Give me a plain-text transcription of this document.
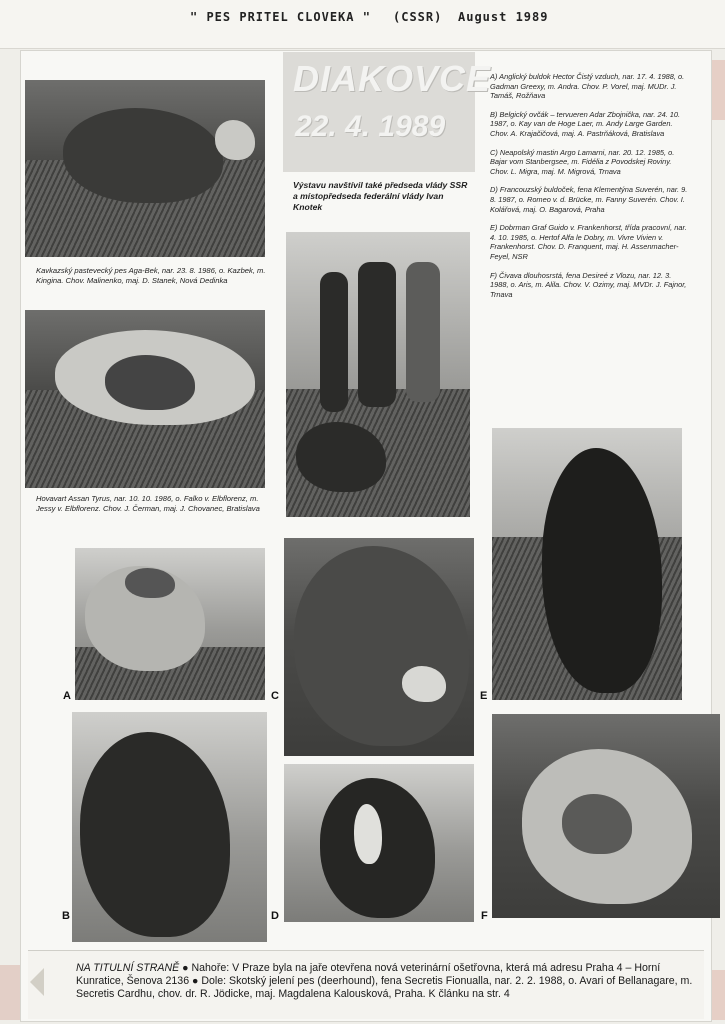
" PES PRITEL CLOVEKA " (CSSR) August 1989
Kavkazský pastevecký pes Aga-Bek, nar. 23. 8. 1986, o. Kazbek, m. Kingina. Chov. Malinenko, maj. D. Stanek, Nová Dedinka
Hovavart Assan Tyrus, nar. 10. 10. 1986, o. Falko v. Elbflorenz, m. Jessy v. Elbflorenz. Chov. J. Čerman, maj. J. Chovanec, Bratislava
DIAKOVCE
22. 4. 1989
Výstavu navštívil také předseda vlády SSR a místopředseda federální vlády Ivan Knotek

A) Anglický buldok Hector Čistý vzduch, nar. 17. 4. 1988, o. Gadman Greexy, m. Andra. Chov. P. Vorel, maj. MUDr. J. Tamáš, Rožňava

B) Belgický ovčák – tervueren Adar Zbojnička, nar. 24. 10. 1987, o. Kay van de Hoge Laer, m. Andy Large Garden. Chov. A. Krajačičová, maj. A. Pastrňáková, Bratislava

C) Neapolský mastin Argo Lamarni, nar. 20. 12. 1985, o. Bajar vom Stanbergsee, m. Fidélia z Povodskej Roviny. Chov. L. Migra, maj. M. Migrová, Trnava

D) Francouzský buldoček, fena Klementýna Suverén, nar. 9. 8. 1987, o. Romeo v. d. Brücke, m. Fanny Suverén. Chov. I. Kolářová, maj. O. Bagarová, Praha

E) Dobrman Graf Guido v. Frankenhorst, třída pracovní, nar. 4. 10. 1985, o. Hertof Alfa le Dobry, m. Vivre Vivien v. Frankenhorst. Chov. D. Franquent, maj. H. Assenmacher-Feyel, NSR

F) Čivava dlouhosrstá, fena Desireé z Vlozu, nar. 12. 3. 1988, o. Aris, m. Alila. Chov. V. Ozimy, maj. MVDr. J. Fajnor, Trnava

A
B
C
D
E
F
NA TITULNÍ STRANĚ ● Nahoře: V Praze byla na jaře otevřena nová veterinární ošetřovna, která má adresu Praha 4 – Horní Kunratice, Šenova 2136 ● Dole: Skotský jelení pes (deerhound), fena Secretis Fionualla, nar. 2. 2. 1988, o. Avari of Bellanagare, m. Secretis Cardhu, chov. dr. R. Jödicke, maj. Magdalena Kalousková, Praha. K článku na str. 4
